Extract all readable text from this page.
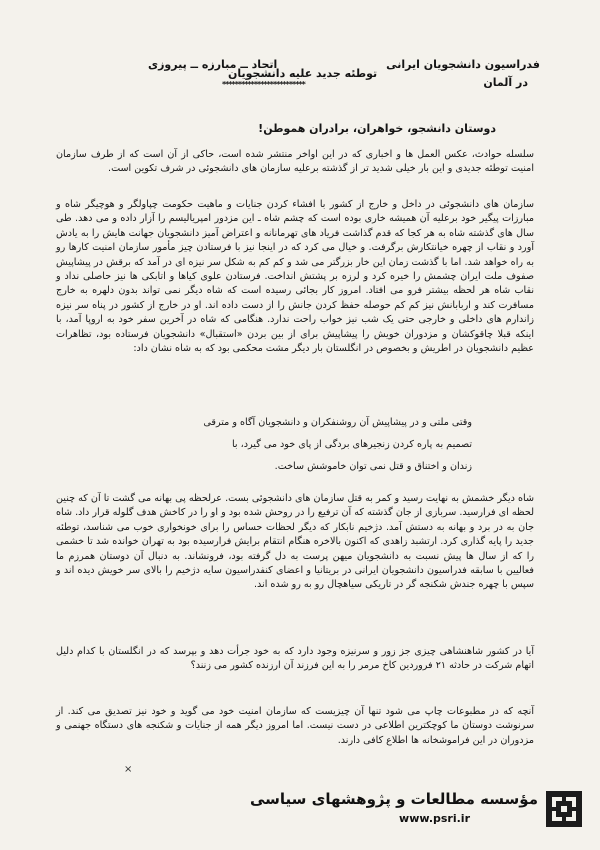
فدراسیون دانشجویان ایرانی
در آلمان
اتحاد ــ مبارزه ــ پیروزی
توطئه جدید علیه دانشجویان
**************************
دوستان دانشجو، خواهران، برادران هموطن!

سلسله حوادث، عکس العمل ها و اخباری که در این اواخر منتشر شده است، حاکی از آن است که از طرف سازمان امنیت توطئه جدیدی و این بار خیلی شدید تر از گذشته برعلیه سازمان های دانشجوئی در شرف تکوین است.

سازمان های دانشجوئی در داخل و خارج از کشور با افشاء کردن جنایات و ماهیت حکومت چپاولگر و هوچیگر شاه و مبارزات پیگیر خود برعلیه آن همیشه خاری بوده است که چشم شاه ـ این مزدور امپریالیسم را آزار داده و می دهد. طی سال های گذشته شاه به هر کجا که قدم گذاشت فریاد های تهرمانانه و اعتراض آمیز دانشجویان جهانت هایش را به یادش آورد و نقاب از چهره خیانتکارش برگرفت. و خیال می کرد که در اینجا نیز با فرستادن چیز مأمور سازمان امنیت کارها رو به راه خواهد شد. اما با گذشت زمان این خار بزرگتر می شد و کم کم به شکل سر نیزه ای در آمد که برقش در پیشاپیش صفوف ملت ایران چشمش را خیره کرد و لرزه بر پشتش انداخت. فرستادن علوی کیاها و اتابکی ها نیز حاصلی نداد و نقاب شاه هر لحظه بیشتر فرو می افتاد. امروز کار بجائی رسیده است که شاه دیگر نمی تواند بدون دلهره به خارج مسافرت کند و اربابانش نیز کم کم حوصله حفظ کردن جانش را از دست داده اند. او در خارج از کشور در پناه سر نیزه زاندارم های داخلی و خارجی حتی یک شب نیز خواب راحت ندارد. هنگامی که شاه در آخرین سفر خود به اروپا آمد، با اینکه قبلا چاقوکشان و مزدوران خویش را پیشاپیش برای از بین بردن «استقبال» دانشجویان فرستاده بود، تظاهرات عظیم دانشجویان در اطریش و بخصوص در انگلستان بار دیگر مشت محکمی بود که به شاه نشان داد:

وقتی ملتی و در پیشاپیش آن روشنفکران و دانشجویان آگاه و مترقی

تصمیم به پاره کردن زنجیرهای بردگی از پای خود می گیرد، با

زندان و اختناق و قتل نمی توان خاموشش ساخت.

شاه دیگر خشمش به نهایت رسید و کمر به قتل سازمان های دانشجوئی بست. عرلحظه پی بهانه می گشت تا آن که چنین لحظه ای فرارسید. سربازی از جان گذشته که آن ترفیع را در روحش شده بود و او را در کاخش هدف گلوله قرار داد. شاه جان به در برد و بهانه به دستش آمد. دژخیم نابکار که دیگر لحظات حساس را برای خونخواری خوب می شناسد، توطئه جدید را پایه گذاری کرد. ارتشبد زاهدی که اکنون بالاخره هنگام انتقام برایش فرارسیده بود به تهران خوانده شد تا خشمی را که از سال ها پیش نسبت به دانشجویان میهن پرست به دل گرفته بود، فرونشاند. به دنبال آن دوستان همرزم ما فعالیین با سابقه فدراسیون دانشجویان ایرانی در بریتانیا و اعضای کنفدراسیون سایه دژخیم را بالای سر خویش دیده اند و سپس با چهره جندش شکنجه گر در تاریکی سیاهچال رو به رو شده اند.

آیا در کشور شاهنشاهی چیزی جز زور و سرنیزه وجود دارد که به خود جرأت دهد و بپرسد که در انگلستان با کدام دلیل اتهام شرکت در حادثه ۲۱ فروردین کاخ مرمر را به این فرزند آن ارزنده کشور می زنند؟

آنچه که در مطبوعات چاپ می شود تنها آن چیزیست که سازمان امنیت خود می گوید و خود نیز تصدیق می کند. از سرنوشت دوستان ما کوچکترین اطلاعی در دست نیست. اما امروز دیگر همه از جنایات و شکنجه های دستگاه جهنمی و مزدوران در این فراموشخانه ها اطلاع کافی دارند.

×
مؤسسه مطالعات و پژوهشهای سیاسی
www.psri.ir
